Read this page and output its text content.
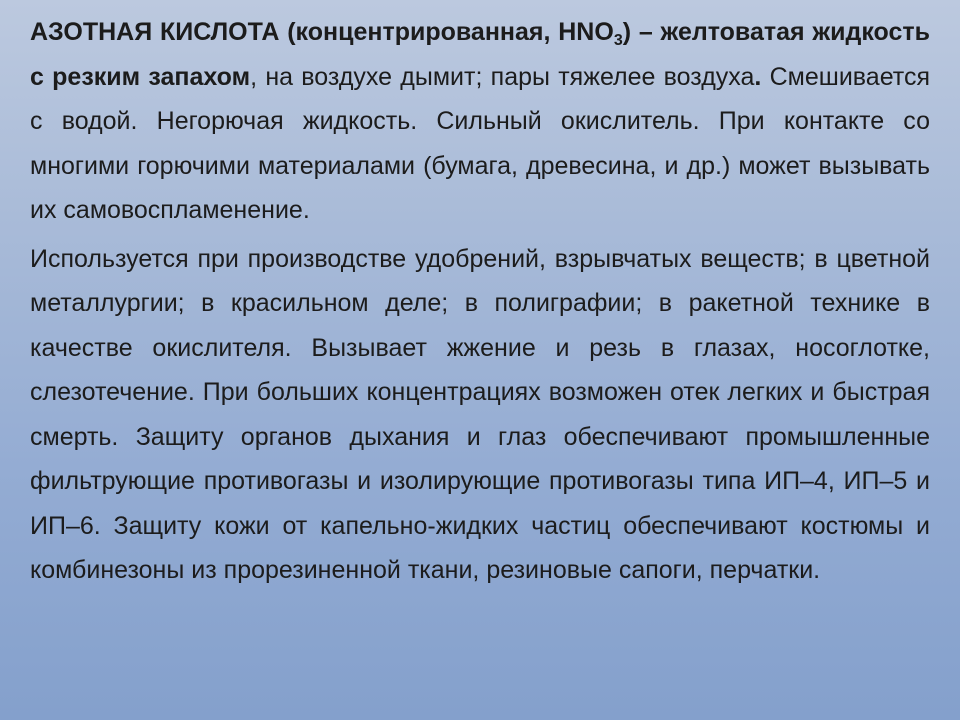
АЗОТНАЯ КИСЛОТА (концентрированная, $HNO_3$) – желтоватая жидкость с резким запахом, на воздухе дымит; пары тяжелее воздуха. Смешивается с водой. Негорючая жидкость. Сильный окислитель. При контакте со многими горючими материалами (бумага, древесина, и др.) может вызывать их самовоспламенение.

Используется при производстве удобрений, взрывчатых веществ; в цветной металлургии; в красильном деле; в полиграфии; в ракетной технике в качестве окислителя. Вызывает жжение и резь в глазах, носоглотке, слезотечение. При больших концентрациях возможен отек легких и быстрая смерть. Защиту органов дыхания и глаз обеспечивают промышленные фильтрующие противогазы и изолирующие противогазы типа ИП–4, ИП–5 и ИП–6. Защиту кожи от капельно-жидких частиц обеспечивают костюмы и комбинезоны из прорезиненной ткани, резиновые сапоги, перчатки.
